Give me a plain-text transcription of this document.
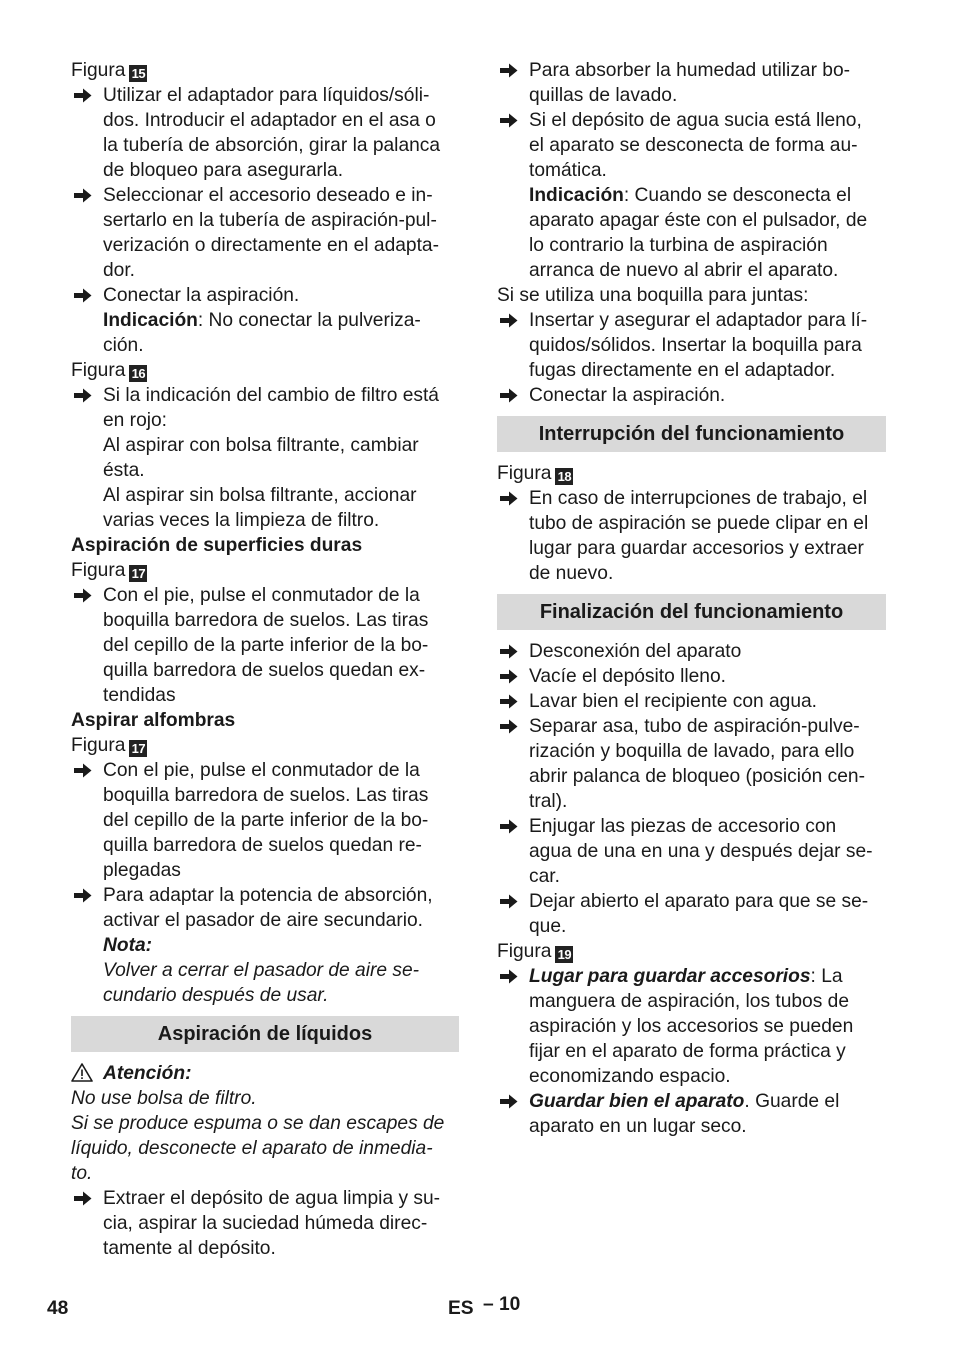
Figura 15
Utilizar el adaptador para líquidos/sóli-
dos. Introducir el adaptador en el asa o
la tubería de absorción, girar la palanca
de bloqueo para asegurarla.
Seleccionar el accesorio deseado e in-
sertarlo en la tubería de aspiración-pul-
verización o directamente en el adapta-
dor.
Conectar la aspiración.
Indicación: No conectar la pulveriza-
ción.
Figura 16
Si la indicación del cambio de filtro está
en rojo:
Al aspirar con bolsa filtrante, cambiar
ésta.
Al aspirar sin bolsa filtrante, accionar
varias veces la limpieza de filtro.
Aspiración de superficies duras
Figura 17
Con el pie, pulse el conmutador de la
boquilla barredora de suelos. Las tiras
del cepillo de la parte inferior de la bo-
quilla barredora de suelos quedan ex-
tendidas
Aspirar alfombras
Figura 17
Con el pie, pulse el conmutador de la
boquilla barredora de suelos. Las tiras
del cepillo de la parte inferior de la bo-
quilla barredora de suelos quedan re-
plegadas
Para adaptar la potencia de absorción,
activar el pasador de aire secundario.
Nota:
Volver a cerrar el pasador de aire se-
cundario después de usar.
Aspiración de líquidos
Atención:
No use bolsa de filtro.
Si se produce espuma o se dan escapes de
líquido, desconecte el aparato de inmedia-
to.
Extraer el depósito de agua limpia y su-
cia, aspirar la suciedad húmeda direc-
tamente al depósito.
Para absorber la humedad utilizar bo-
quillas de lavado.
Si el depósito de agua sucia está lleno,
el aparato se desconecta de forma au-
tomática.
Indicación: Cuando se desconecta el
aparato apagar éste con el pulsador, de
lo contrario la turbina de aspiración
arranca de nuevo al abrir el aparato.
Si se utiliza una boquilla para juntas:
Insertar y asegurar el adaptador para lí-
quidos/sólidos. Insertar la boquilla para
fugas directamente en el adaptador.
Conectar la aspiración.
Interrupción del funcionamiento
Figura 18
En caso de interrupciones de trabajo, el
tubo de aspiración se puede clipar en el
lugar para guardar accesorios y extraer
de nuevo.
Finalización del funcionamiento
Desconexión del aparato
Vacíe el depósito lleno.
Lavar bien el recipiente con agua.
Separar asa, tubo de aspiración-pulve-
rización y boquilla de lavado, para ello
abrir palanca de bloqueo (posición cen-
tral).
Enjugar las piezas de accesorio con
agua de una en una y después dejar se-
car.
Dejar abierto el aparato para que se se-
que.
Figura 19
Lugar para guardar accesorios: La
manguera de aspiración, los tubos de
aspiración y los accesorios se pueden
fijar en el aparato de forma práctica y
economizando espacio.
Guardar bien el aparato. Guarde el
aparato en un lugar seco.
48	ES – 10
